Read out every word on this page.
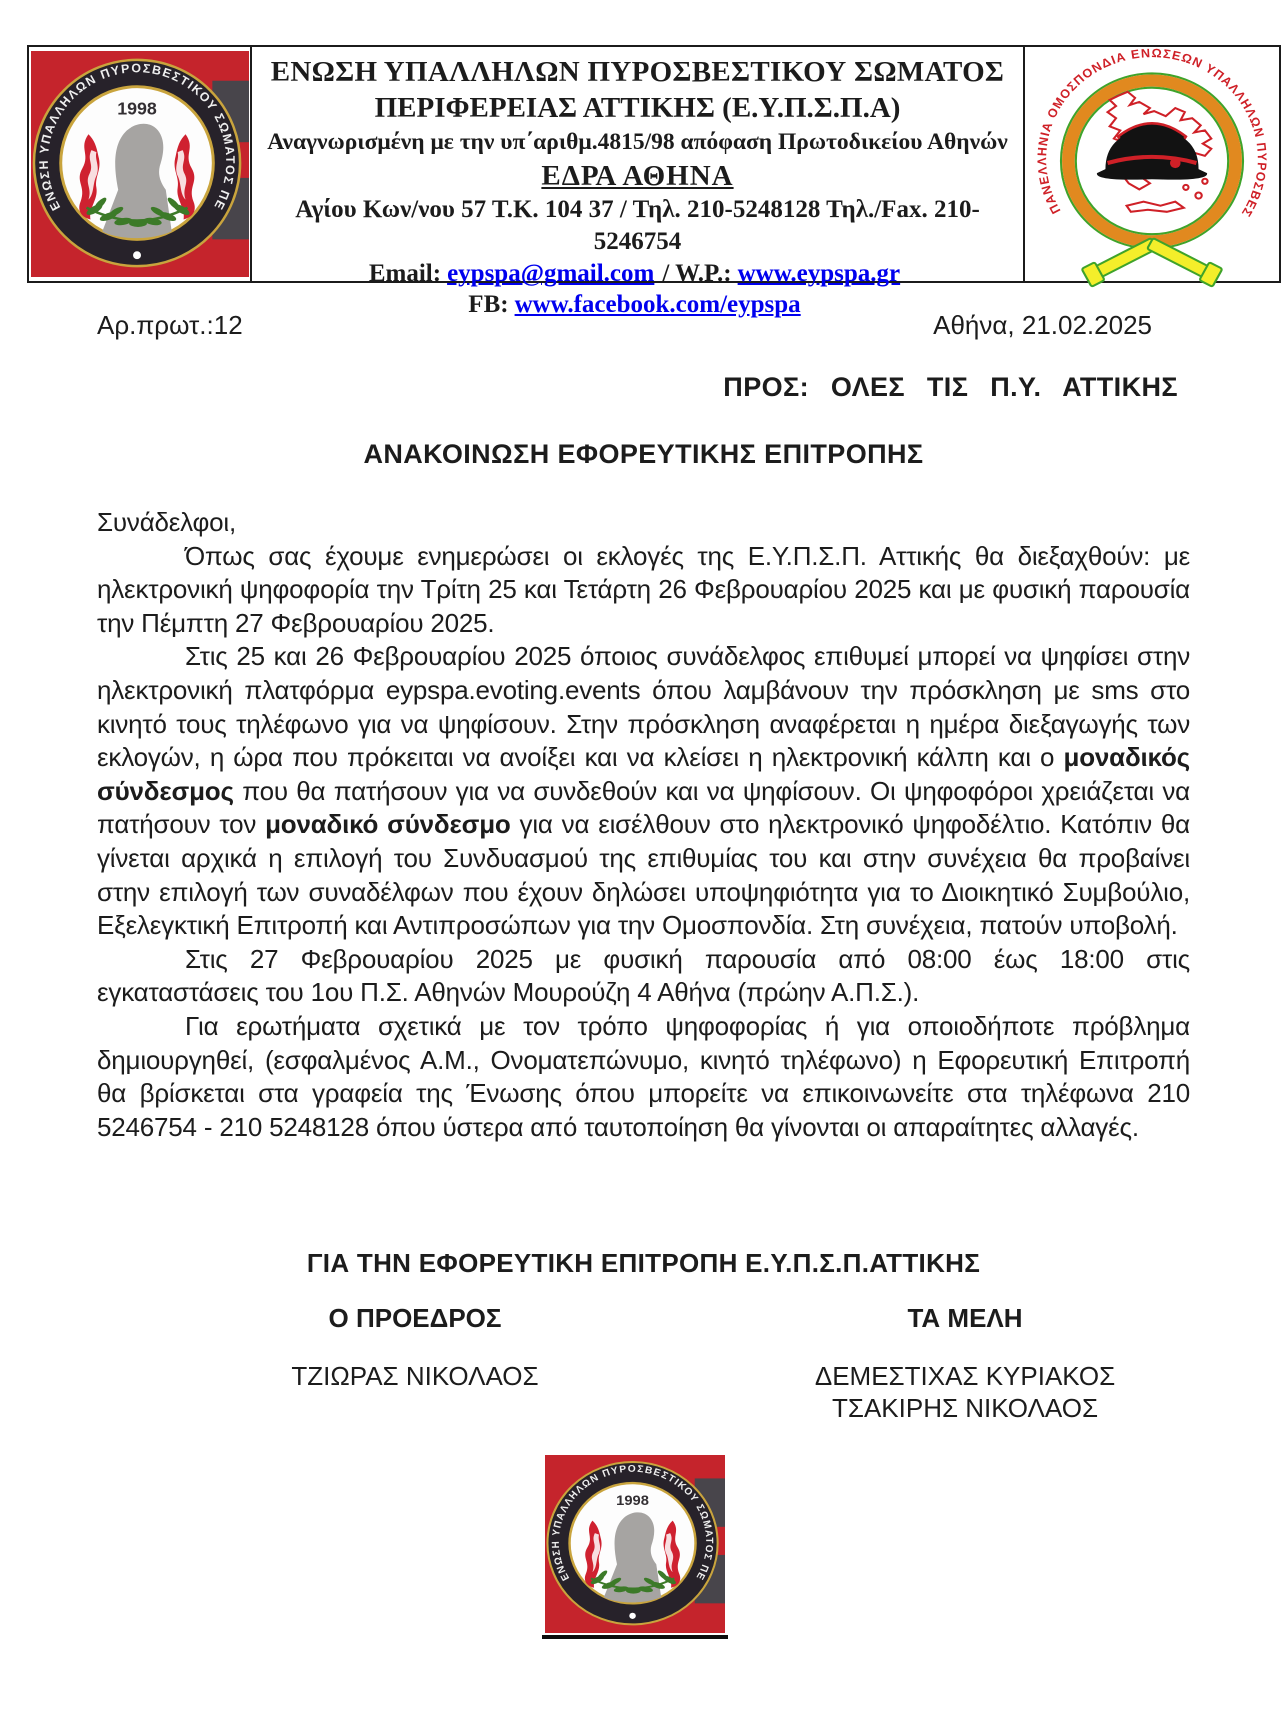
ΕΝΩΣΗ ΥΠΑΛΛΗΛΩΝ ΠΥΡΟΣΒΕΣΤΙΚΟΥ ΣΩΜΑΤΟΣ
ΠΕΡΙΦΕΡΕΙΑΣ ΑΤΤΙΚΗΣ (Ε.Υ.Π.Σ.Π.Α)
Αναγνωρισμένη με την υπ΄αριθμ.4815/98 απόφαση Πρωτοδικείου Αθηνών
ΕΔΡΑ ΑΘΗΝΑ
Αγίου Κων/νου 57 Τ.Κ. 104 37 / Τηλ. 210-5248128 Τηλ./Fax. 210-5246754
Email: eypspa@gmail.com / W.P.: www.eypspa.gr
FB: www.facebook.com/eypspa
Αρ.πρωτ.:12	Αθήνα, 21.02.2025
ΠΡΟΣ: ΟΛΕΣ ΤΙΣ Π.Υ. ΑΤΤΙΚΗΣ
ΑΝΑΚΟΙΝΩΣΗ ΕΦΟΡΕΥΤΙΚΗΣ ΕΠΙΤΡΟΠΗΣ

Συνάδελφοι,

Όπως σας έχουμε ενημερώσει οι εκλογές της Ε.Υ.Π.Σ.Π. Αττικής θα διεξαχθούν: με ηλεκτρονική ψηφοφορία την Τρίτη 25 και Τετάρτη 26 Φεβρουαρίου 2025 και με φυσική παρουσία την Πέμπτη 27 Φεβρουαρίου 2025.

Στις 25 και 26 Φεβρουαρίου 2025 όποιος συνάδελφος επιθυμεί μπορεί να ψηφίσει στην ηλεκτρονική πλατφόρμα eypspa.evoting.events όπου λαμβάνουν την πρόσκληση με sms στο κινητό τους τηλέφωνο για να ψηφίσουν. Στην πρόσκληση αναφέρεται η ημέρα διεξαγωγής των εκλογών, η ώρα που πρόκειται να ανοίξει και να κλείσει η ηλεκτρονική κάλπη και ο μοναδικός σύνδεσμος που θα πατήσουν για να συνδεθούν και να ψηφίσουν. Οι ψηφοφόροι χρειάζεται να πατήσουν τον μοναδικό σύνδεσμο για να εισέλθουν στο ηλεκτρονικό ψηφοδέλτιο. Κατόπιν θα γίνεται αρχικά η επιλογή του Συνδυασμού της επιθυμίας του και στην συνέχεια θα προβαίνει στην επιλογή των συναδέλφων που έχουν δηλώσει υποψηφιότητα για το Διοικητικό Συμβούλιο, Εξελεγκτική Επιτροπή και Αντιπροσώπων για την Ομοσπονδία. Στη συνέχεια, πατούν υποβολή.

Στις 27 Φεβρουαρίου 2025 με φυσική παρουσία από 08:00 έως 18:00 στις εγκαταστάσεις του 1ου Π.Σ. Αθηνών Μουρούζη 4 Αθήνα (πρώην Α.Π.Σ.).

Για ερωτήματα σχετικά με τον τρόπο ψηφοφορίας ή για οποιοδήποτε πρόβλημα δημιουργηθεί, (εσφαλμένος Α.Μ., Ονοματεπώνυμο, κινητό τηλέφωνο) η Εφορευτική Επιτροπή θα βρίσκεται στα γραφεία της Ένωσης όπου μπορείτε να επικοινωνείτε στα τηλέφωνα 210 5246754 - 210 5248128 όπου ύστερα από ταυτοποίηση θα γίνονται οι απαραίτητες αλλαγές.

ΓΙΑ ΤΗΝ ΕΦΟΡΕΥΤΙΚΗ ΕΠΙΤΡΟΠΗ Ε.Υ.Π.Σ.Π.ΑΤΤΙΚΗΣ
Ο ΠΡΟΕΔΡΟΣ
ΤΖΙΩΡΑΣ ΝΙΚΟΛΑΟΣ
ΤΑ ΜΕΛΗ
ΔΕΜΕΣΤΙΧΑΣ ΚΥΡΙΑΚΟΣ
ΤΣΑΚΙΡΗΣ ΝΙΚΟΛΑΟΣ
